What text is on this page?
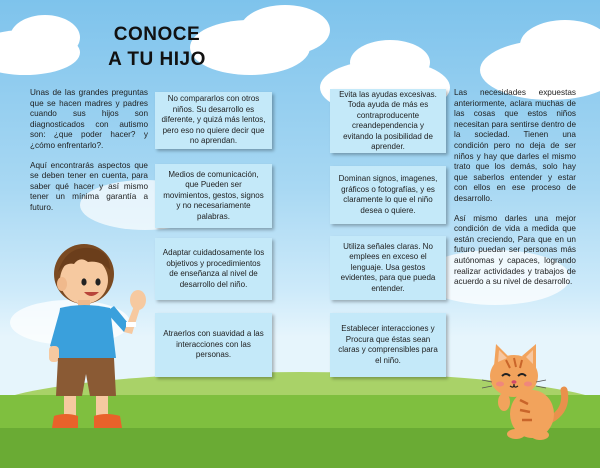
CONOCE
A TU HIJO

Unas de las grandes preguntas que se hacen madres y padres cuando sus hijos son diagnosticados con autismo son: ¿que poder hacer? y ¿cómo enfrentarlo?.

Aquí encontrarás aspectos que se deben tener en cuenta, para saber qué hacer y así mismo tener un mínima garantía a futuro.

No compararlos con otros niños. Su desarrollo es diferente, y quizá más lentos, pero eso no quiere decir que no aprendan.
Medios de comunicación, que Pueden ser movimientos, gestos, signos y no necesariamente palabras.
Adaptar cuidadosamente los objetivos y procedimientos de enseñanza al nivel de desarrollo del niño.
Atraerlos con suavidad a las interacciones con las personas.
Evita las ayudas excesivas. Toda ayuda de más es contraproducente creandependencia y evitando la posibilidad de aprender.
Dominan signos, imagenes, gráficos o fotografías, y es claramente lo que el niño desea o quiere.
Utiliza señales claras. No emplees en exceso el lenguaje. Usa gestos evidentes, para que pueda entender.
Establecer interacciones y Procura que éstas sean claras y comprensibles para el niño.

Las necesidades expuestas anteriormente, aclara muchas de las cosas que estos niños necesitan para sentirse dentro de la sociedad. Tienen una condición pero no deja de ser niños y hay que darles el mismo trato que los demás, solo hay que saberlos entender y estar con ellos en ese proceso de desarrollo.

Así mismo darles una mejor condición de vida a medida que están creciendo, Para que en un futuro puedan ser personas más autónomas y capaces, logrando realizar actividades y trabajos de acuerdo a su nivel de desarrollo.
